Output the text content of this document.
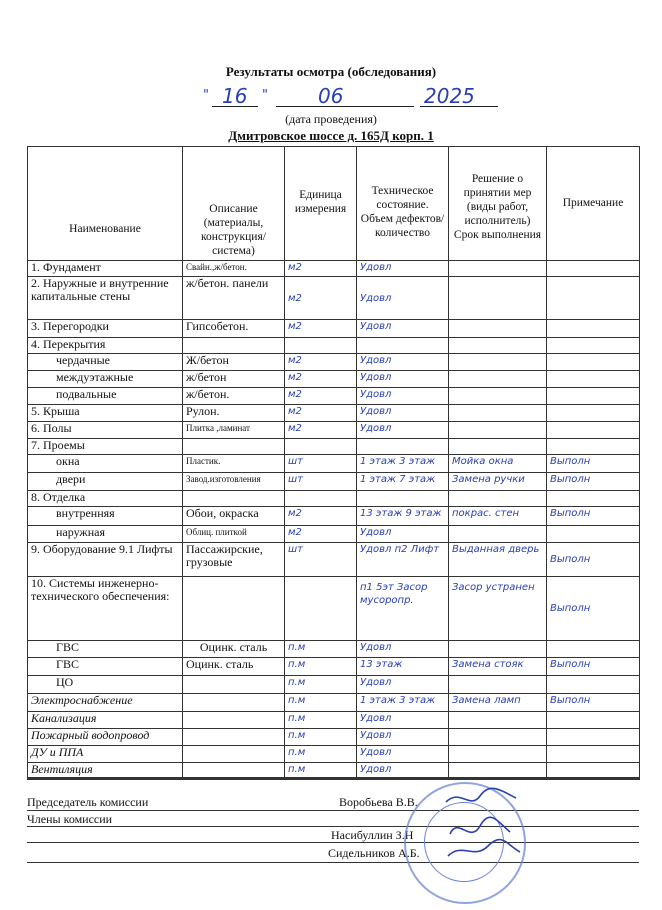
Результаты осмотра (обследования)
" 16 "	06	2025
(дата проведения)
Дмитровское шоссе д. 165Д корп. 1
Наименование	Описание (материалы, конструкция/ система)	Единица измерения	Техническое состояние. Объем дефектов/ количество	Решение о принятии мер (виды работ, исполнитель) Срок выполнения	Примечание
1. Фундамент	Свайн.,ж/бетон.	м2	Удовл		
2. Наружные и внутренние капитальные стены	ж/бетон. панели	м2	Удовл		
3. Перегородки	Гипсобетон.	м2	Удовл		
4. Перекрытия					
чердачные	Ж/бетон	м2	Удовл		
междуэтажные	ж/бетон	м2	Удовл		
подвальные	ж/бетон.	м2	Удовл		
5. Крыша	Рулон.	м2	Удовл		
6. Полы	Плитка ,ламинат	м2	Удовл		
7. Проемы					
окна	Пластик.	шт	1 этаж 3 этаж	Мойка окна	Выполн
двери	Завод.изготовления	шт	1 этаж 7 этаж	Замена ручки	Выполн
8. Отделка					
внутренняя	Обои, окраска	м2	13 этаж 9 этаж	покрас. стен	Выполн
наружная	Облиц. плиткой	м2	Удовл		
9. Оборудование 9.1 Лифты	Пассажирские, грузовые	шт	Удовл п2 Лифт	Выданная дверь	Выполн
10. Системы инженерно-технического обеспечения:			п1 5эт Засор мусоропр.	Засор устранен	Выполн
ГВС	Оцинк. сталь	п.м	Удовл		
ГВС	Оцинк. сталь	п.м	13 этаж	Замена стояк	Выполн
ЦО		п.м	Удовл		
Электроснабжение		п.м	1 этаж 3 этаж	Замена ламп	Выполн
Канализация		п.м	Удовл		
Пожарный водопровод		п.м	Удовл		
ДУ и ППА		п.м	Удовл		
Вентиляция		п.м	Удовл		
Председатель комиссии	Воробьева В.В.
Члены комиссии
Насибуллин З.Н
Сидельников А.Б.
